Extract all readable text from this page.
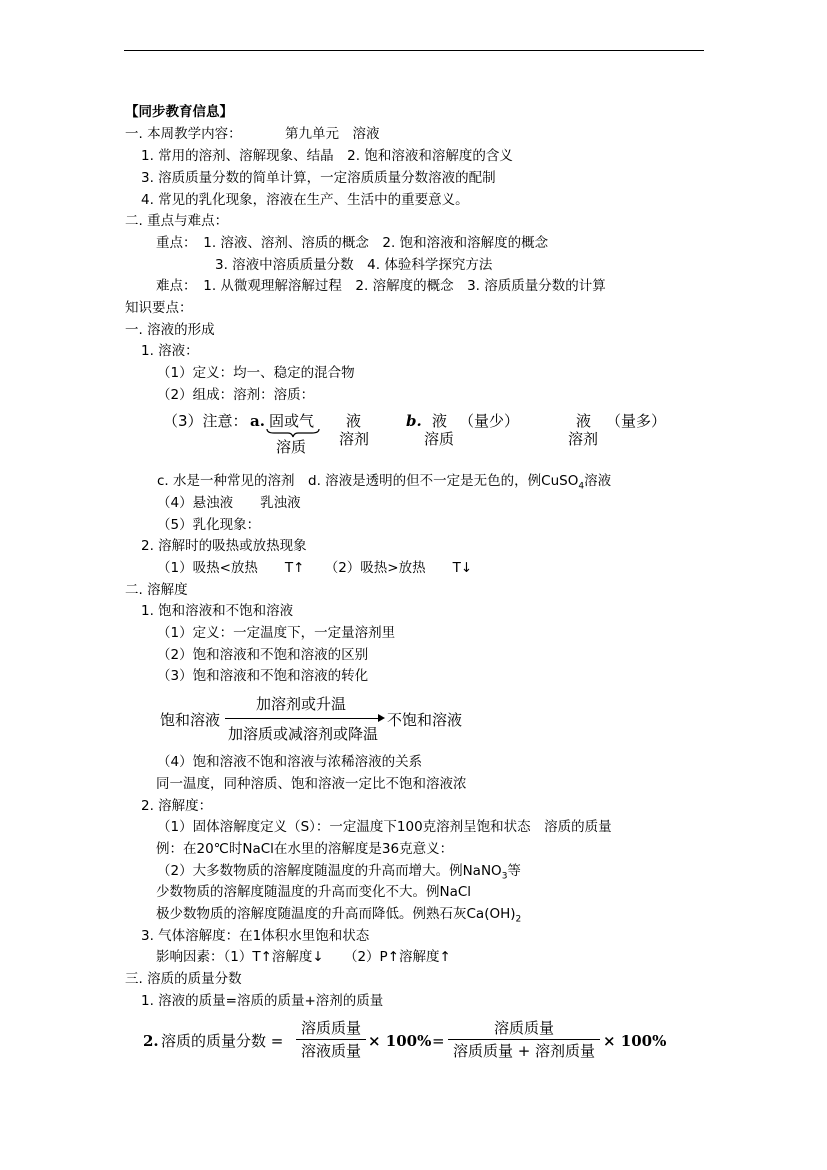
【同步教育信息】
一. 本周教学内容：	第九单元　溶液
1. 常用的溶剂、溶解现象、结晶　2. 饱和溶液和溶解度的含义
3. 溶质质量分数的简单计算，一定溶质质量分数溶液的配制
4. 常见的乳化现象，溶液在生产、生活中的重要意义。
二. 重点与难点：
重点：　1. 溶液、溶剂、溶质的概念　2. 饱和溶液和溶解度的概念
3. 溶液中溶质质量分数　4. 体验科学探究方法
难点：　1. 从微观理解溶解过程　2. 溶解度的概念　3. 溶质质量分数的计算
知识要点：
一. 溶液的形成
1. 溶液：
（1）定义：均一、稳定的混合物
（2）组成：溶剂：溶质：
（3）注意： a. 固或气
溶质
液
溶剂
b. 液 （量少）
溶质
液 （量多）
溶剂
c. 水是一种常见的溶剂　d. 溶液是透明的但不一定是无色的，例CuSO$_4$溶液
（4）悬浊液　　乳浊液
（5）乳化现象：
2. 溶解时的吸热或放热现象
（1）吸热<放热　　T↑　　（2）吸热>放热　　T↓
二. 溶解度
1. 饱和溶液和不饱和溶液
（1）定义：一定温度下，一定量溶剂里
（2）饱和溶液和不饱和溶液的区别
（3）饱和溶液和不饱和溶液的转化
饱和溶液
加溶剂或升温
加溶质或减溶剂或降温
不饱和溶液
（4）饱和溶液不饱和溶液与浓稀溶液的关系
同一温度，同种溶质、饱和溶液一定比不饱和溶液浓
2. 溶解度：
（1）固体溶解度定义（S）：一定温度下100克溶剂呈饱和状态　溶质的质量
例：在20℃时NaCl在水里的溶解度是36克意义：
（2）大多数物质的溶解度随温度的升高而增大。例NaNO$_3$等
少数物质的溶解度随温度的升高而变化不大。例NaCl
极少数物质的溶解度随温度的升高而降低。例熟石灰$Ca(OH)_2$
3. 气体溶解度：在1体积水里饱和状态
影响因素：（1）T↑溶解度↓　　（2）P↑溶解度↑
三. 溶质的质量分数
1. 溶液的质量=溶质的质量+溶剂的质量
2. 溶质的质量分数 =
溶质质量
溶液质量
× 100% =
溶质质量
溶质质量 + 溶剂质量
× 100%
